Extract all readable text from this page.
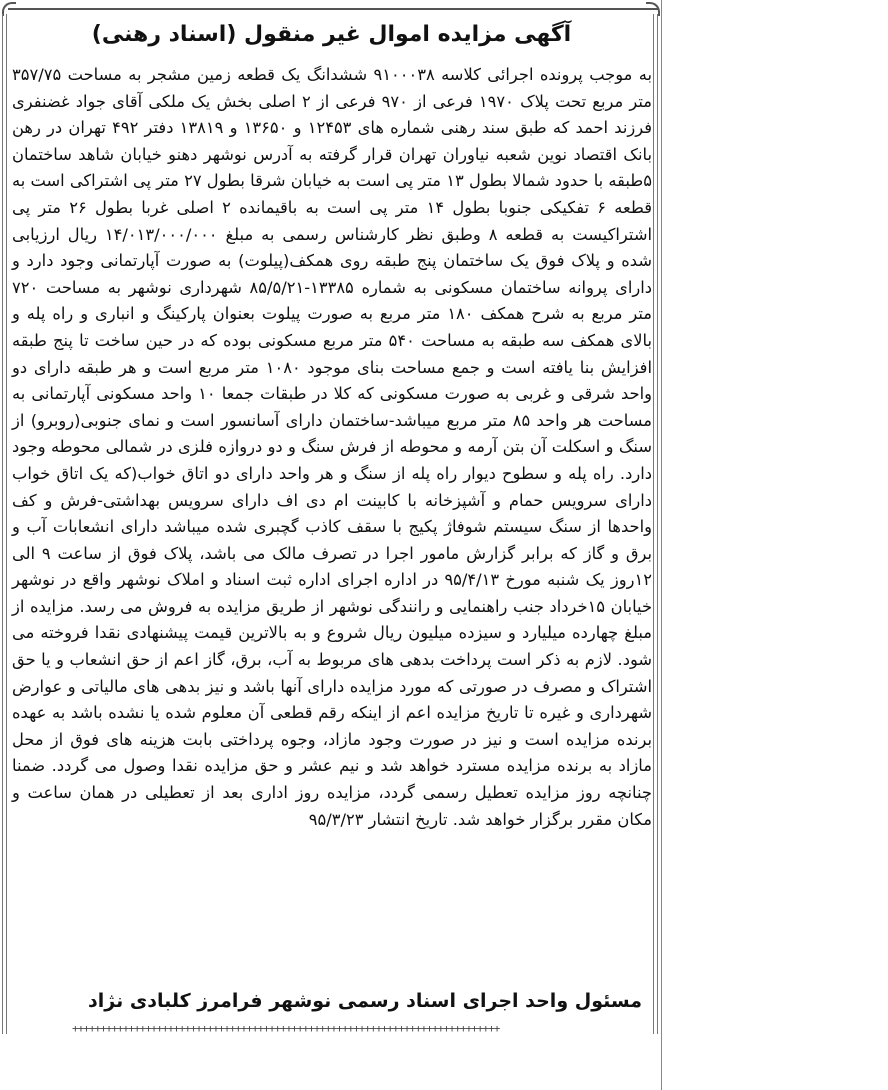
آگهی مزایده اموال غیر منقول (اسناد رهنی)

به موجب پرونده اجرائی کلاسه ۹۱۰۰۰۳۸ ششدانگ یک قطعه زمین مشجر به مساحت ۳۵۷/۷۵ متر مربع تحت پلاک ۱۹۷۰ فرعی از ۹۷۰ فرعی از ۲ اصلی بخش یک ملکی آقای جواد غضنفری فرزند احمد که طبق سند رهنی شماره های ۱۲۴۵۳ و ۱۳۶۵۰ و ۱۳۸۱۹ دفتر ۴۹۲ تهران در رهن بانک اقتصاد نوین شعبه نیاوران تهران قرار گرفته به آدرس نوشهر دهنو خیابان شاهد ساختمان ۵طبقه با حدود شمالا بطول ۱۳ متر پی است به خیابان شرقا بطول ۲۷ متر پی اشتراکی است به قطعه ۶ تفکیکی جنوبا بطول ۱۴ متر پی است به باقیمانده ۲ اصلی غربا بطول ۲۶ متر پی اشتراکیست به قطعه ۸ وطبق نظر کارشناس رسمی به مبلغ ۱۴/۰۱۳/۰۰۰/۰۰۰ ریال ارزیابی شده و پلاک فوق یک ساختمان پنج طبقه روی همکف(پیلوت) به صورت آپارتمانی وجود دارد و دارای پروانه ساختمان مسکونی به شماره ۱۳۳۸۵-۸۵/۵/۲۱ شهرداری نوشهر به مساحت ۷۲۰ متر مربع به شرح همکف ۱۸۰ متر مربع به صورت پیلوت بعنوان پارکینگ و انباری و راه پله و بالای همکف سه طبقه به مساحت ۵۴۰ متر مربع مسکونی بوده که در حین ساخت تا پنج طبقه افزایش بنا یافته است و جمع مساحت بنای موجود ۱۰۸۰ متر مربع است و هر طبقه دارای دو واحد شرقی و غربی به صورت مسکونی که کلا در طبقات جمعا ۱۰ واحد مسکونی آپارتمانی به مساحت هر واحد ۸۵ متر مربع میباشد-ساختمان دارای آسانسور است و نمای جنوبی(روبرو) از سنگ و اسکلت آن بتن آرمه و محوطه از فرش سنگ و دو دروازه فلزی در شمالی محوطه وجود دارد. راه پله و سطوح دیوار راه پله از سنگ و هر واحد دارای دو اتاق خواب(که یک اتاق خواب دارای سرویس حمام و آشپزخانه با کابینت ام دی اف دارای سرویس بهداشتی-فرش و کف واحدها از سنگ سیستم شوفاژ پکیج با سقف کاذب گچبری شده میباشد دارای انشعابات آب و برق و گاز که برابر گزارش مامور اجرا در تصرف مالک می باشد، پلاک فوق از ساعت ۹ الی ۱۲روز یک شنبه مورخ ۹۵/۴/۱۳ در اداره اجرای اداره ثبت اسناد و املاک نوشهر واقع در نوشهر خیابان ۱۵خرداد جنب راهنمایی و رانندگی نوشهر از طریق مزایده به فروش می رسد. مزایده از مبلغ چهارده میلیارد و سیزده میلیون ریال شروع و به بالاترین قیمت پیشنهادی نقدا فروخته می شود. لازم به ذکر است پرداخت بدهی های مربوط به آب، برق، گاز اعم از حق انشعاب و یا حق اشتراک و مصرف در صورتی که مورد مزایده دارای آنها باشد و نیز بدهی های مالیاتی و عوارض شهرداری و غیره تا تاریخ مزایده اعم از اینکه رقم قطعی آن معلوم شده یا نشده باشد به عهده برنده مزایده است و نیز در صورت وجود مازاد، وجوه پرداختی بابت هزینه های فوق از محل مازاد به برنده مزایده مسترد خواهد شد و نیم عشر و حق مزایده نقدا وصول می گردد. ضمنا چنانچه روز مزایده تعطیل رسمی گردد، مزایده روز اداری بعد از تعطیلی در همان ساعت و مکان مقرر برگزار خواهد شد. تاریخ انتشار ۹۵/۳/۲۳

مسئول واحد اجرای اسناد رسمی نوشهر فرامرز کلبادی نژاد
++++++++++++++++++++++++++++++++++++++++++++++++++++++++++++++++++++++++++++
